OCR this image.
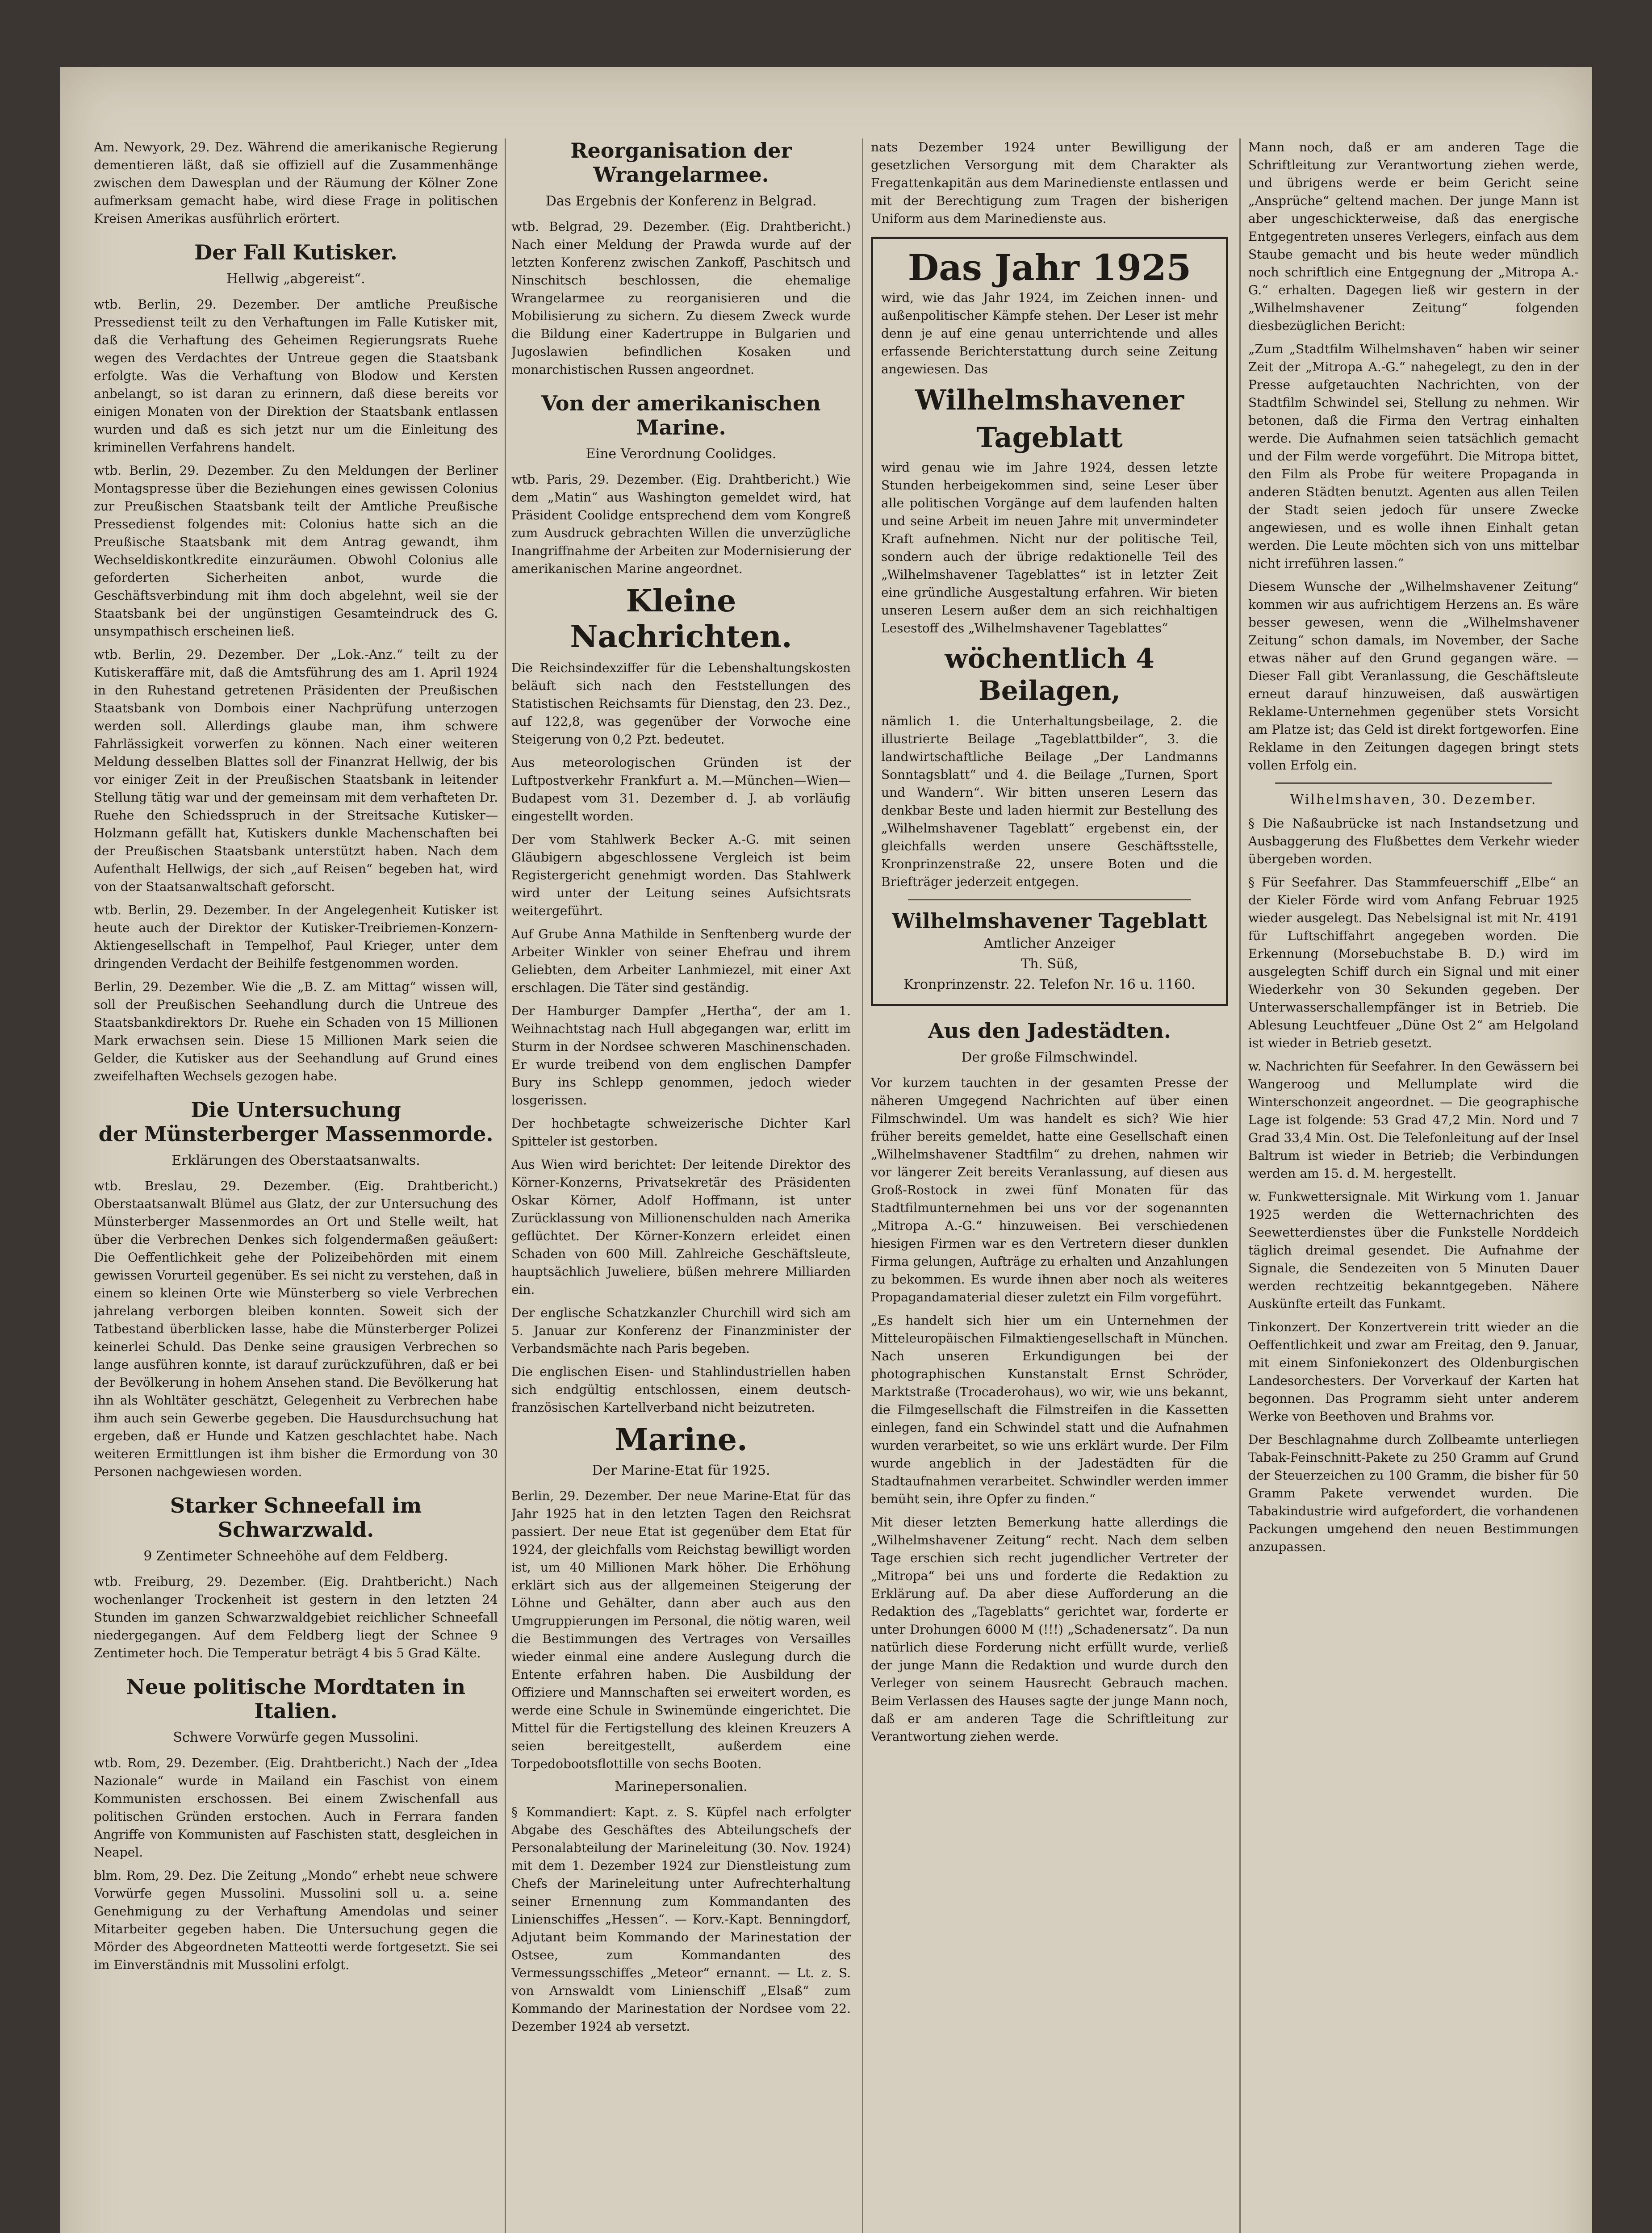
Am. Newyork, 29. Dez. Während die amerikanische Regierung dementieren läßt, daß sie offiziell auf die Zusammenhänge zwischen dem Dawesplan und der Räumung der Kölner Zone aufmerksam gemacht habe, wird diese Frage in politischen Kreisen Amerikas ausführlich erörtert.

Der Fall Kutisker.
Hellwig „abgereist“.

wtb. Berlin, 29. Dezember. Der amtliche Preußische Pressedienst teilt zu den Verhaftungen im Falle Kutisker mit, daß die Verhaftung des Geheimen Regierungsrats Ruehe wegen des Verdachtes der Untreue gegen die Staatsbank erfolgte. Was die Verhaftung von Blodow und Kersten anbelangt, so ist daran zu erinnern, daß diese bereits vor einigen Monaten von der Direktion der Staatsbank entlassen wurden und daß es sich jetzt nur um die Einleitung des kriminellen Verfahrens handelt.

wtb. Berlin, 29. Dezember. Zu den Meldungen der Berliner Montagspresse über die Beziehungen eines gewissen Colonius zur Preußischen Staatsbank teilt der Amtliche Preußische Pressedienst folgendes mit: Colonius hatte sich an die Preußische Staatsbank mit dem Antrag gewandt, ihm Wechseldiskontkredite einzuräumen. Obwohl Colonius alle geforderten Sicherheiten anbot, wurde die Geschäftsverbindung mit ihm doch abgelehnt, weil sie der Staatsbank bei der ungünstigen Gesamteindruck des G. unsympathisch erscheinen ließ.

wtb. Berlin, 29. Dezember. Der „Lok.-Anz.“ teilt zu der Kutiskeraffäre mit, daß die Amtsführung des am 1. April 1924 in den Ruhestand getretenen Präsidenten der Preußischen Staatsbank von Dombois einer Nachprüfung unterzogen werden soll. Allerdings glaube man, ihm schwere Fahrlässigkeit vorwerfen zu können. Nach einer weiteren Meldung desselben Blattes soll der Finanzrat Hellwig, der bis vor einiger Zeit in der Preußischen Staatsbank in leitender Stellung tätig war und der gemeinsam mit dem verhafteten Dr. Ruehe den Schiedsspruch in der Streitsache Kutisker—Holzmann gefällt hat, Kutiskers dunkle Machenschaften bei der Preußischen Staatsbank unterstützt haben. Nach dem Aufenthalt Hellwigs, der sich „auf Reisen“ begeben hat, wird von der Staatsanwaltschaft geforscht.

wtb. Berlin, 29. Dezember. In der Angelegenheit Kutisker ist heute auch der Direktor der Kutisker-Treibriemen-Konzern-Aktiengesellschaft in Tempelhof, Paul Krieger, unter dem dringenden Verdacht der Beihilfe festgenommen worden.

Berlin, 29. Dezember. Wie die „B. Z. am Mittag“ wissen will, soll der Preußischen Seehandlung durch die Untreue des Staatsbankdirektors Dr. Ruehe ein Schaden von 15 Millionen Mark erwachsen sein. Diese 15 Millionen Mark seien die Gelder, die Kutisker aus der Seehandlung auf Grund eines zweifelhaften Wechsels gezogen habe.

Die Untersuchung
der Münsterberger Massenmorde.
Erklärungen des Oberstaatsanwalts.

wtb. Breslau, 29. Dezember. (Eig. Drahtbericht.) Oberstaatsanwalt Blümel aus Glatz, der zur Untersuchung des Münsterberger Massenmordes an Ort und Stelle weilt, hat über die Verbrechen Denkes sich folgendermaßen geäußert: Die Oeffentlichkeit gehe der Polizeibehörden mit einem gewissen Vorurteil gegenüber. Es sei nicht zu verstehen, daß in einem so kleinen Orte wie Münsterberg so viele Verbrechen jahrelang verborgen bleiben konnten. Soweit sich der Tatbestand überblicken lasse, habe die Münsterberger Polizei keinerlei Schuld. Das Denke seine grausigen Verbrechen so lange ausführen konnte, ist darauf zurückzuführen, daß er bei der Bevölkerung in hohem Ansehen stand. Die Bevölkerung hat ihn als Wohltäter geschätzt, Gelegenheit zu Verbrechen habe ihm auch sein Gewerbe gegeben. Die Hausdurchsuchung hat ergeben, daß er Hunde und Katzen geschlachtet habe. Nach weiteren Ermittlungen ist ihm bisher die Ermordung von 30 Personen nachgewiesen worden.

Starker Schneefall im Schwarzwald.
9 Zentimeter Schneehöhe auf dem Feldberg.

wtb. Freiburg, 29. Dezember. (Eig. Drahtbericht.) Nach wochenlanger Trockenheit ist gestern in den letzten 24 Stunden im ganzen Schwarzwaldgebiet reichlicher Schneefall niedergegangen. Auf dem Feldberg liegt der Schnee 9 Zentimeter hoch. Die Temperatur beträgt 4 bis 5 Grad Kälte.

Neue politische Mordtaten in Italien.
Schwere Vorwürfe gegen Mussolini.

wtb. Rom, 29. Dezember. (Eig. Drahtbericht.) Nach der „Idea Nazionale“ wurde in Mailand ein Faschist von einem Kommunisten erschossen. Bei einem Zwischenfall aus politischen Gründen erstochen. Auch in Ferrara fanden Angriffe von Kommunisten auf Faschisten statt, desgleichen in Neapel.

blm. Rom, 29. Dez. Die Zeitung „Mondo“ erhebt neue schwere Vorwürfe gegen Mussolini. Mussolini soll u. a. seine Genehmigung zu der Verhaftung Amendolas und seiner Mitarbeiter gegeben haben. Die Untersuchung gegen die Mörder des Abgeordneten Matteotti werde fortgesetzt. Sie sei im Einverständnis mit Mussolini erfolgt.

Reorganisation der Wrangelarmee.
Das Ergebnis der Konferenz in Belgrad.

wtb. Belgrad, 29. Dezember. (Eig. Drahtbericht.) Nach einer Meldung der Prawda wurde auf der letzten Konferenz zwischen Zankoff, Paschitsch und Ninschitsch beschlossen, die ehemalige Wrangelarmee zu reorganisieren und die Mobilisierung zu sichern. Zu diesem Zweck wurde die Bildung einer Kadertruppe in Bulgarien und Jugoslawien befindlichen Kosaken und monarchistischen Russen angeordnet.

Von der amerikanischen Marine.
Eine Verordnung Coolidges.

wtb. Paris, 29. Dezember. (Eig. Drahtbericht.) Wie dem „Matin“ aus Washington gemeldet wird, hat Präsident Coolidge entsprechend dem vom Kongreß zum Ausdruck gebrachten Willen die unverzügliche Inangriffnahme der Arbeiten zur Modernisierung der amerikanischen Marine angeordnet.

Kleine Nachrichten.

Die Reichsindexziffer für die Lebenshaltungskosten beläuft sich nach den Feststellungen des Statistischen Reichsamts für Dienstag, den 23. Dez., auf 122,8, was gegenüber der Vorwoche eine Steigerung von 0,2 Pzt. bedeutet.

Aus meteorologischen Gründen ist der Luftpostverkehr Frankfurt a. M.—München—Wien—Budapest vom 31. Dezember d. J. ab vorläufig eingestellt worden.

Der vom Stahlwerk Becker A.-G. mit seinen Gläubigern abgeschlossene Vergleich ist beim Registergericht genehmigt worden. Das Stahlwerk wird unter der Leitung seines Aufsichtsrats weitergeführt.

Auf Grube Anna Mathilde in Senftenberg wurde der Arbeiter Winkler von seiner Ehefrau und ihrem Geliebten, dem Arbeiter Lanhmiezel, mit einer Axt erschlagen. Die Täter sind geständig.

Der Hamburger Dampfer „Hertha“, der am 1. Weihnachtstag nach Hull abgegangen war, erlitt im Sturm in der Nordsee schweren Maschinenschaden. Er wurde treibend von dem englischen Dampfer Bury ins Schlepp genommen, jedoch wieder losgerissen.

Der hochbetagte schweizerische Dichter Karl Spitteler ist gestorben.

Aus Wien wird berichtet: Der leitende Direktor des Körner-Konzerns, Privatsekretär des Präsidenten Oskar Körner, Adolf Hoffmann, ist unter Zurücklassung von Millionenschulden nach Amerika geflüchtet. Der Körner-Konzern erleidet einen Schaden von 600 Mill. Zahlreiche Geschäftsleute, hauptsächlich Juweliere, büßen mehrere Milliarden ein.

Der englische Schatzkanzler Churchill wird sich am 5. Januar zur Konferenz der Finanzminister der Verbandsmächte nach Paris begeben.

Die englischen Eisen- und Stahlindustriellen haben sich endgültig entschlossen, einem deutsch-französischen Kartellverband nicht beizutreten.

Marine.
Der Marine-Etat für 1925.

Berlin, 29. Dezember. Der neue Marine-Etat für das Jahr 1925 hat in den letzten Tagen den Reichsrat passiert. Der neue Etat ist gegenüber dem Etat für 1924, der gleichfalls vom Reichstag bewilligt worden ist, um 40 Millionen Mark höher. Die Erhöhung erklärt sich aus der allgemeinen Steigerung der Löhne und Gehälter, dann aber auch aus den Umgruppierungen im Personal, die nötig waren, weil die Bestimmungen des Vertrages von Versailles wieder einmal eine andere Auslegung durch die Entente erfahren haben. Die Ausbildung der Offiziere und Mannschaften sei erweitert worden, es werde eine Schule in Swinemünde eingerichtet. Die Mittel für die Fertigstellung des kleinen Kreuzers A seien bereitgestellt, außerdem eine Torpedobootsflottille von sechs Booten.

Marinepersonalien.

§ Kommandiert: Kapt. z. S. Küpfel nach erfolgter Abgabe des Geschäftes des Abteilungschefs der Personalabteilung der Marineleitung (30. Nov. 1924) mit dem 1. Dezember 1924 zur Dienstleistung zum Chefs der Marineleitung unter Aufrechterhaltung seiner Ernennung zum Kommandanten des Linienschiffes „Hessen“. — Korv.-Kapt. Benningdorf, Adjutant beim Kommando der Marinestation der Ostsee, zum Kommandanten des Vermessungsschiffes „Meteor“ ernannt. — Lt. z. S. von Arnswaldt vom Linienschiff „Elsaß“ zum Kommando der Marinestation der Nordsee vom 22. Dezember 1924 ab versetzt.

nats Dezember 1924 unter Bewilligung der gesetzlichen Versorgung mit dem Charakter als Fregattenkapitän aus dem Marinedienste entlassen und mit der Berechtigung zum Tragen der bisherigen Uniform aus dem Marinedienste aus.

Das Jahr 1925

wird, wie das Jahr 1924, im Zeichen innen- und außenpolitischer Kämpfe stehen. Der Leser ist mehr denn je auf eine genau unterrichtende und alles erfassende Berichterstattung durch seine Zeitung angewiesen. Das

Wilhelmshavener
Tageblatt

wird genau wie im Jahre 1924, dessen letzte Stunden herbeigekommen sind, seine Leser über alle politischen Vorgänge auf dem laufenden halten und seine Arbeit im neuen Jahre mit unvermindeter Kraft aufnehmen. Nicht nur der politische Teil, sondern auch der übrige redaktionelle Teil des „Wilhelmshavener Tageblattes“ ist in letzter Zeit eine gründliche Ausgestaltung erfahren. Wir bieten unseren Lesern außer dem an sich reichhaltigen Lesestoff des „Wilhelmshavener Tageblattes“

wöchentlich 4 Beilagen,

nämlich 1. die Unterhaltungsbeilage, 2. die illustrierte Beilage „Tageblattbilder“, 3. die landwirtschaftliche Beilage „Der Landmanns Sonntagsblatt“ und 4. die Beilage „Turnen, Sport und Wandern“. Wir bitten unseren Lesern das denkbar Beste und laden hiermit zur Bestellung des „Wilhelmshavener Tageblatt“ ergebenst ein, der gleichfalls werden unsere Geschäftsstelle, Kronprinzenstraße 22, unsere Boten und die Briefträger jederzeit entgegen.

Wilhelmshavener Tageblatt
Amtlicher Anzeiger
Th. Süß,
Kronprinzenstr. 22. Telefon Nr. 16 u. 1160.
Aus den Jadestädten.
Der große Filmschwindel.

Vor kurzem tauchten in der gesamten Presse der näheren Umgegend Nachrichten auf über einen Filmschwindel. Um was handelt es sich? Wie hier früher bereits gemeldet, hatte eine Gesellschaft einen „Wilhelmshavener Stadtfilm“ zu drehen, nahmen wir vor längerer Zeit bereits Veranlassung, auf diesen aus Groß-Rostock in zwei fünf Monaten für das Stadtfilmunternehmen bei uns vor der sogenannten „Mitropa A.-G.“ hinzuweisen. Bei verschiedenen hiesigen Firmen war es den Vertretern dieser dunklen Firma gelungen, Aufträge zu erhalten und Anzahlungen zu bekommen. Es wurde ihnen aber noch als weiteres Propagandamaterial dieser zuletzt ein Film vorgeführt.

„Es handelt sich hier um ein Unternehmen der Mitteleuropäischen Filmaktiengesellschaft in München. Nach unseren Erkundigungen bei der photographischen Kunstanstalt Ernst Schröder, Marktstraße (Trocaderohaus), wo wir, wie uns bekannt, die Filmgesellschaft die Filmstreifen in die Kassetten einlegen, fand ein Schwindel statt und die Aufnahmen wurden verarbeitet, so wie uns erklärt wurde. Der Film wurde angeblich in der Jadestädten für die Stadtaufnahmen verarbeitet. Schwindler werden immer bemüht sein, ihre Opfer zu finden.“

Mit dieser letzten Bemerkung hatte allerdings die „Wilhelmshavener Zeitung“ recht. Nach dem selben Tage erschien sich recht jugendlicher Vertreter der „Mitropa“ bei uns und forderte die Redaktion zu Erklärung auf. Da aber diese Aufforderung an die Redaktion des „Tageblatts“ gerichtet war, forderte er unter Drohungen 6000 M (!!!) „Schadenersatz“. Da nun natürlich diese Forderung nicht erfüllt wurde, verließ der junge Mann die Redaktion und wurde durch den Verleger von seinem Hausrecht Gebrauch machen. Beim Verlassen des Hauses sagte der junge Mann noch, daß er am anderen Tage die Schriftleitung zur Verantwortung ziehen werde.

Mann noch, daß er am anderen Tage die Schriftleitung zur Verantwortung ziehen werde, und übrigens werde er beim Gericht seine „Ansprüche“ geltend machen. Der junge Mann ist aber ungeschickterweise, daß das energische Entgegentreten unseres Verlegers, einfach aus dem Staube gemacht und bis heute weder mündlich noch schriftlich eine Entgegnung der „Mitropa A.-G.“ erhalten. Dagegen ließ wir gestern in der „Wilhelmshavener Zeitung“ folgenden diesbezüglichen Bericht:

„Zum „Stadtfilm Wilhelmshaven“ haben wir seiner Zeit der „Mitropa A.-G.“ nahegelegt, zu den in der Presse aufgetauchten Nachrichten, von der Stadtfilm Schwindel sei, Stellung zu nehmen. Wir betonen, daß die Firma den Vertrag einhalten werde. Die Aufnahmen seien tatsächlich gemacht und der Film werde vorgeführt. Die Mitropa bittet, den Film als Probe für weitere Propaganda in anderen Städten benutzt. Agenten aus allen Teilen der Stadt seien jedoch für unsere Zwecke angewiesen, und es wolle ihnen Einhalt getan werden. Die Leute möchten sich von uns mittelbar nicht irreführen lassen.“

Diesem Wunsche der „Wilhelmshavener Zeitung“ kommen wir aus aufrichtigem Herzens an. Es wäre besser gewesen, wenn die „Wilhelmshavener Zeitung“ schon damals, im November, der Sache etwas näher auf den Grund gegangen wäre. — Dieser Fall gibt Veranlassung, die Geschäftsleute erneut darauf hinzuweisen, daß auswärtigen Reklame-Unternehmen gegenüber stets Vorsicht am Platze ist; das Geld ist direkt fortgeworfen. Eine Reklame in den Zeitungen dagegen bringt stets vollen Erfolg ein.

Wilhelmshaven, 30. Dezember.

§ Die Naßaubrücke ist nach Instandsetzung und Ausbaggerung des Flußbettes dem Verkehr wieder übergeben worden.

§ Für Seefahrer. Das Stammfeuerschiff „Elbe“ an der Kieler Förde wird vom Anfang Februar 1925 wieder ausgelegt. Das Nebelsignal ist mit Nr. 4191 für Luftschiffahrt angegeben worden. Die Erkennung (Morsebuchstabe B. D.) wird im ausgelegten Schiff durch ein Signal und mit einer Wiederkehr von 30 Sekunden gegeben. Der Unterwasserschallempfänger ist in Betrieb. Die Ablesung Leuchtfeuer „Düne Ost 2“ am Helgoland ist wieder in Betrieb gesetzt.

w. Nachrichten für Seefahrer. In den Gewässern bei Wangeroog und Mellumplate wird die Winterschonzeit angeordnet. — Die geographische Lage ist folgende: 53 Grad 47,2 Min. Nord und 7 Grad 33,4 Min. Ost. Die Telefonleitung auf der Insel Baltrum ist wieder in Betrieb; die Verbindungen werden am 15. d. M. hergestellt.

w. Funkwettersignale. Mit Wirkung vom 1. Januar 1925 werden die Wetternachrichten des Seewetterdienstes über die Funkstelle Norddeich täglich dreimal gesendet. Die Aufnahme der Signale, die Sendezeiten von 5 Minuten Dauer werden rechtzeitig bekanntgegeben. Nähere Auskünfte erteilt das Funkamt.

Tinkonzert. Der Konzertverein tritt wieder an die Oeffentlichkeit und zwar am Freitag, den 9. Januar, mit einem Sinfoniekonzert des Oldenburgischen Landesorchesters. Der Vorverkauf der Karten hat begonnen. Das Programm sieht unter anderem Werke von Beethoven und Brahms vor.

Der Beschlagnahme durch Zollbeamte unterliegen Tabak-Feinschnitt-Pakete zu 250 Gramm auf Grund der Steuerzeichen zu 100 Gramm, die bisher für 50 Gramm Pakete verwendet wurden. Die Tabakindustrie wird aufgefordert, die vorhandenen Packungen umgehend den neuen Bestimmungen anzupassen.
